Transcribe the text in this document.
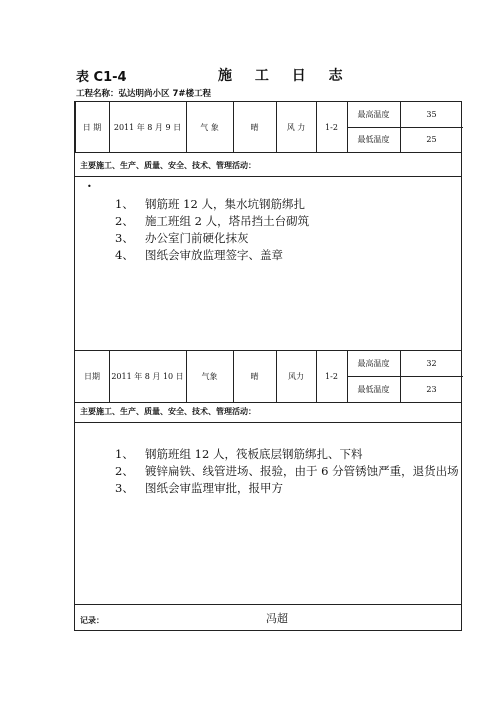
表 C1-4	施 工 日 志
工程名称：弘达明尚小区 7#楼工程
日 期	2011 年 8 月 9 日	气 象	晴	风 力	1-2
最高温度	35
最低温度	25
主要施工、生产、质量、安全、技术、管理活动：
•
1、 钢筋班 12 人，集水坑钢筋绑扎
2、 施工班组 2 人，塔吊挡土台砌筑
3、 办公室门前硬化抹灰
4、 图纸会审放监理签字、盖章
日期	2011 年 8 月 10 日	气象	晴	风力	1-2
最高温度	32
最低温度	23
主要施工、生产、质量、安全、技术、管理活动：
1、 钢筋班组 12 人，筏板底层钢筋绑扎、下料
2、 镀锌扁铁、线管进场、报验，由于 6 分管锈蚀严重，退货出场
3、 图纸会审监理审批，报甲方
记录：	冯超
